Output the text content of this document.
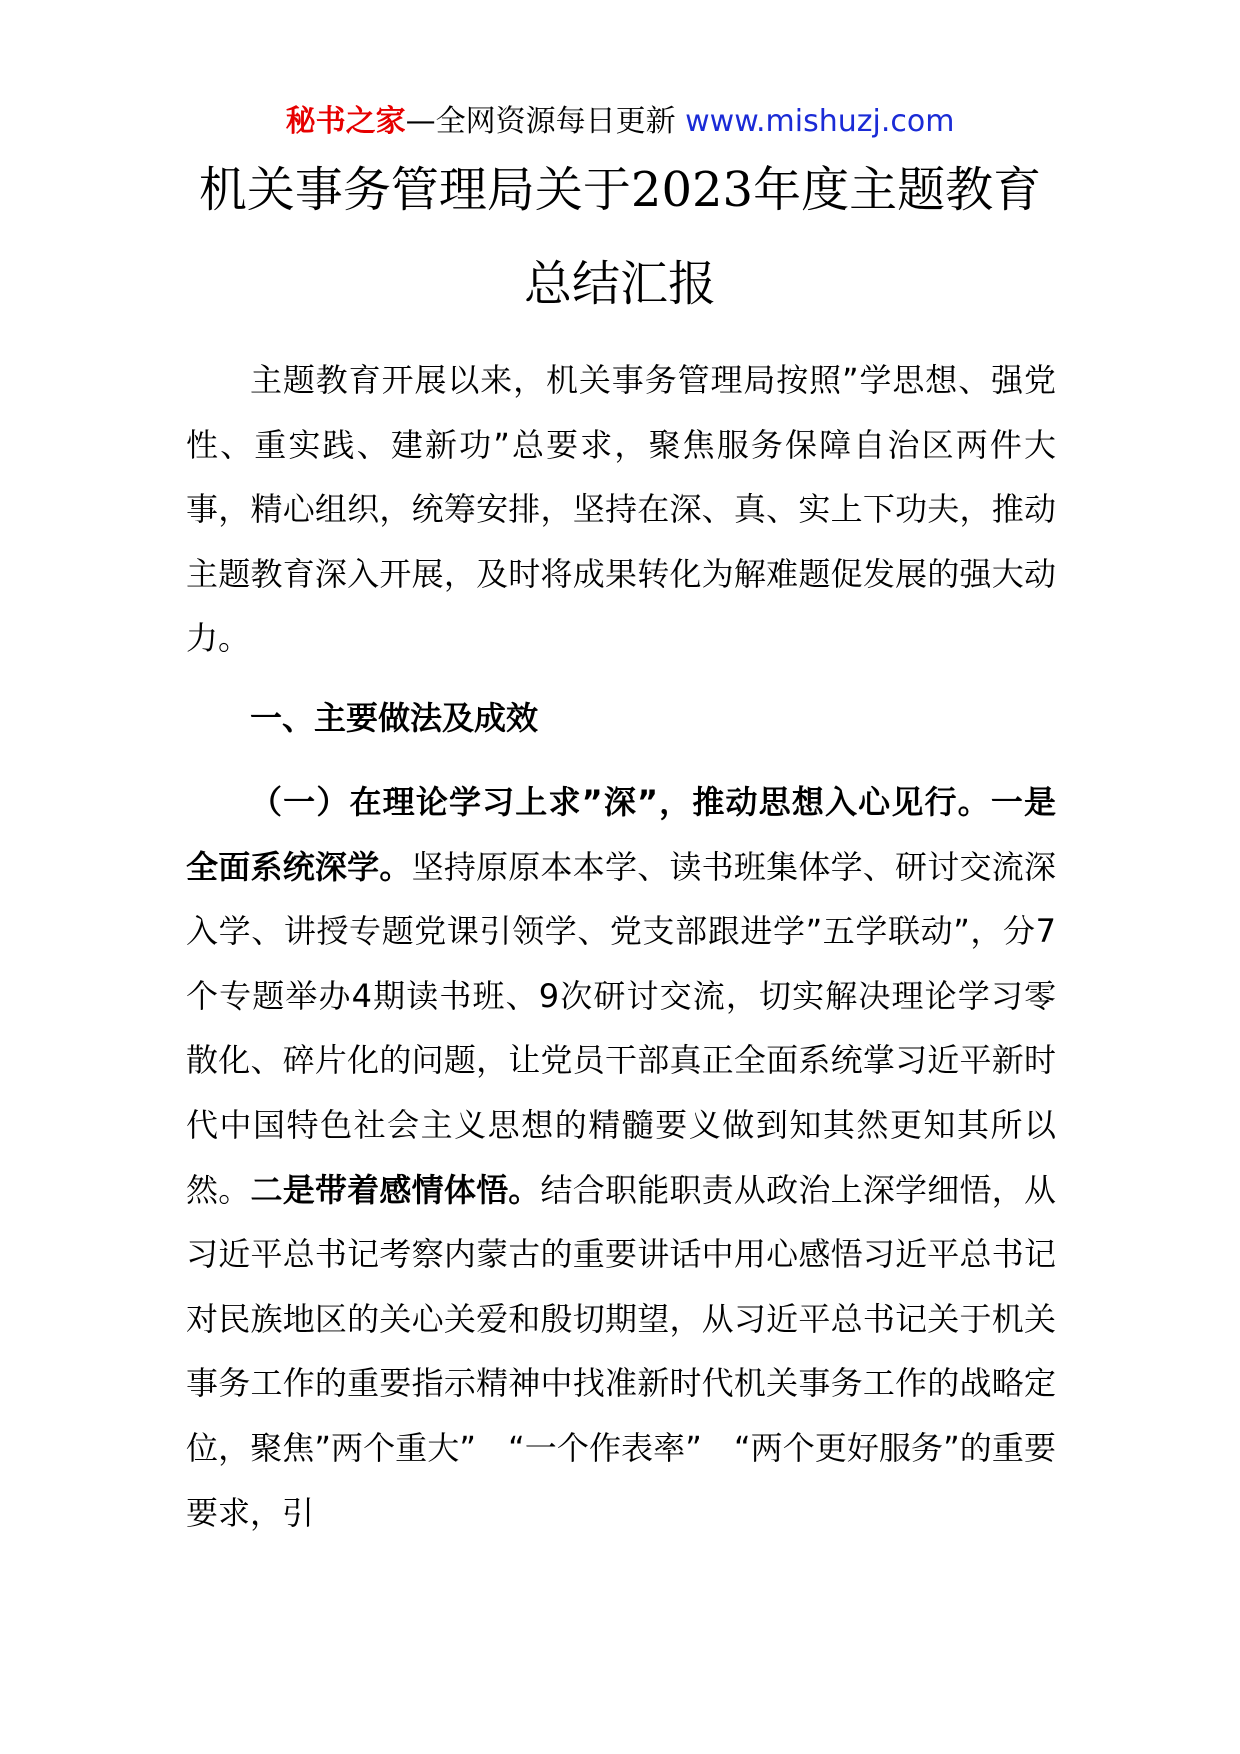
秘书之家—全网资源每日更新 www.mishuzj.com
机关事务管理局关于2023年度主题教育
总结汇报
主题教育开展以来，机关事务管理局按照”学思想、强党性、重实践、建新功”总要求，聚焦服务保障自治区两件大事，精心组织，统筹安排，坚持在深、真、实上下功夫，推动主题教育深入开展，及时将成果转化为解难题促发展的强大动力。
一、主要做法及成效
（一）在理论学习上求”深”，推动思想入心见行。一是全面系统深学。坚持原原本本学、读书班集体学、研讨交流深入学、讲授专题党课引领学、党支部跟进学”五学联动”，分7个专题举办4期读书班、9次研讨交流，切实解决理论学习零散化、碎片化的问题，让党员干部真正全面系统掌习近平新时代中国特色社会主义思想的精髓要义做到知其然更知其所以然。二是带着感情体悟。结合职能职责从政治上深学细悟，从习近平总书记考察内蒙古的重要讲话中用心感悟习近平总书记对民族地区的关心关爱和殷切期望，从习近平总书记关于机关事务工作的重要指示精神中找准新时代机关事务工作的战略定位，聚焦”两个重大”　“一个作表率”　“两个更好服务”的重要要求，引
